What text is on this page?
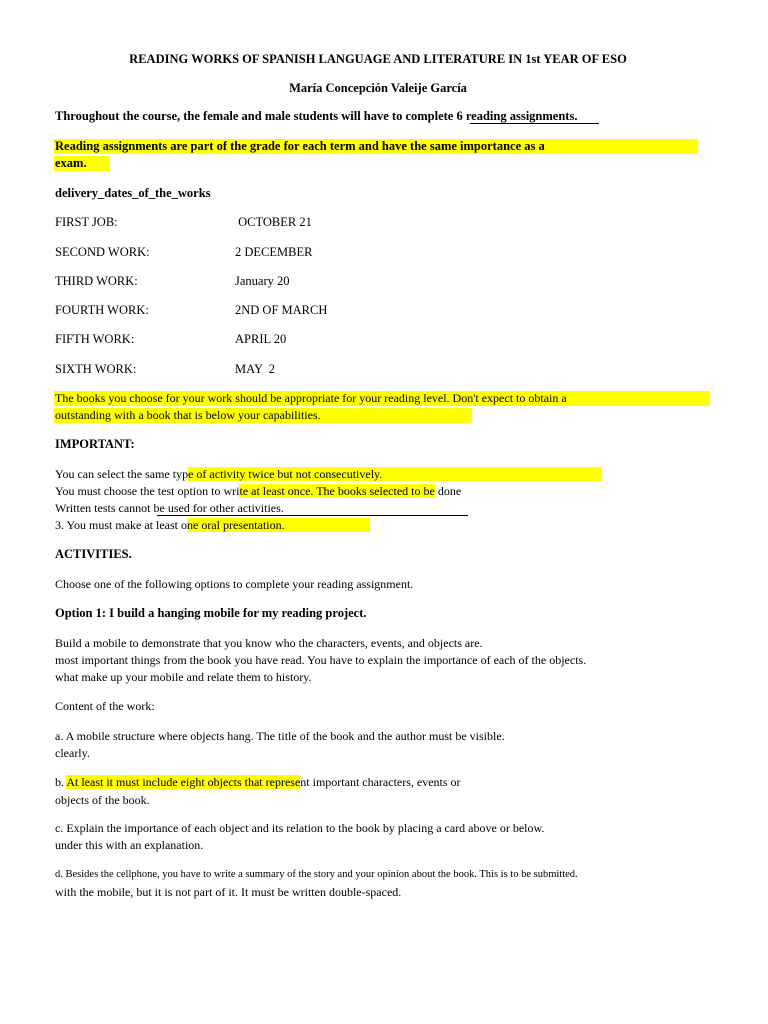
READING WORKS OF SPANISH LANGUAGE AND LITERATURE IN 1st YEAR OF ESO
María Concepción Valeije García
Throughout the course, the female and male students will have to complete 6 reading assignments.
Reading assignments are part of the grade for each term and have the same importance as a
exam.
delivery_dates_of_the_works
FIRST JOB:	OCTOBER 21
SECOND WORK:	2 DECEMBER
THIRD WORK:	January 20
FOURTH WORK:	2ND OF MARCH
FIFTH WORK:	APRIL 20
SIXTH WORK:	MAY  2
The books you choose for your work should be appropriate for your reading level. Don't expect to obtain a
outstanding with a book that is below your capabilities.
IMPORTANT:
You can select the same type of activity twice but not consecutively.
You must choose the test option to write at least once. The books selected to be done
Written tests cannot be used for other activities.
3. You must make at least one oral presentation.
ACTIVITIES.
Choose one of the following options to complete your reading assignment.
Option 1: I build a hanging mobile for my reading project.
Build a mobile to demonstrate that you know who the characters, events, and objects are.
most important things from the book you have read. You have to explain the importance of each of the objects.
what make up your mobile and relate them to history.
Content of the work:
a. A mobile structure where objects hang. The title of the book and the author must be visible.
clearly.
b. At least it must include eight objects that represent important characters, events or
objects of the book.
c. Explain the importance of each object and its relation to the book by placing a card above or below.
under this with an explanation.
d. Besides the cellphone, you have to write a summary of the story and your opinion about the book. This is to be submitted.
with the mobile, but it is not part of it. It must be written double-spaced.
